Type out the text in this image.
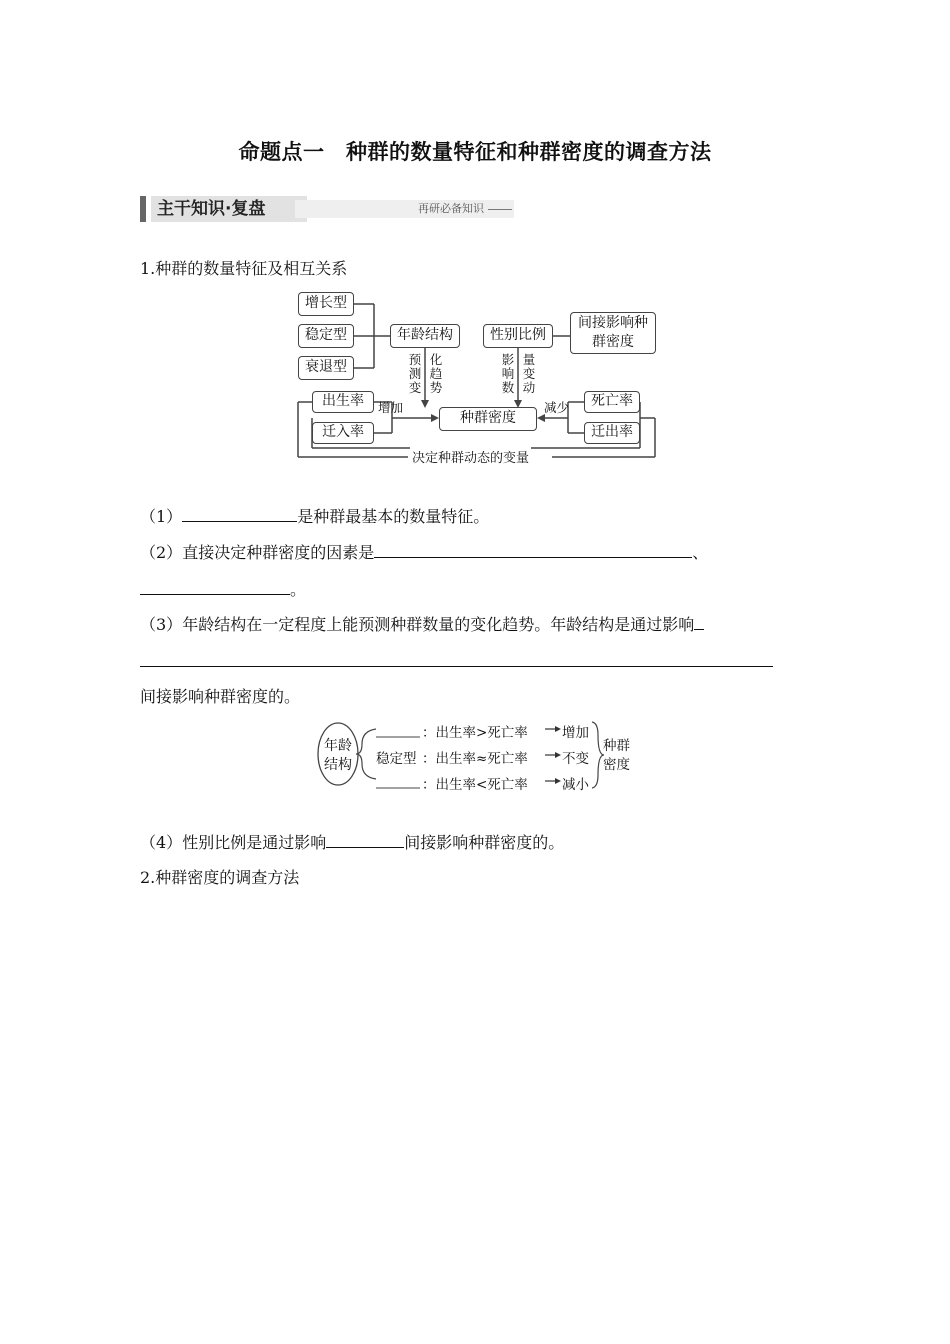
命题点一　种群的数量特征和种群密度的调查方法
主干知识·复盘	再研必备知识
1.种群的数量特征及相互关系
增长型
稳定型
衰退型
年龄结构	性别比例
间接影响种群密度
预测变
化趋势
影响数
量变动
出生率
迁入率
死亡率
迁出率
种群密度
增加	减少
决定种群动态的变量
（1）	是种群最基本的数量特征。
（2）直接决定种群密度的因素是	、
。
（3）年龄结构在一定程度上能预测种群数量的变化趋势。年龄结构是通过影响
间接影响种群密度的。
年龄结构
：出生率>死亡率
稳定型 ：出生率≈死亡率
：出生率<死亡率
增加
不变
减小
种群密度
（4）性别比例是通过影响	间接影响种群密度的。
2.种群密度的调查方法
